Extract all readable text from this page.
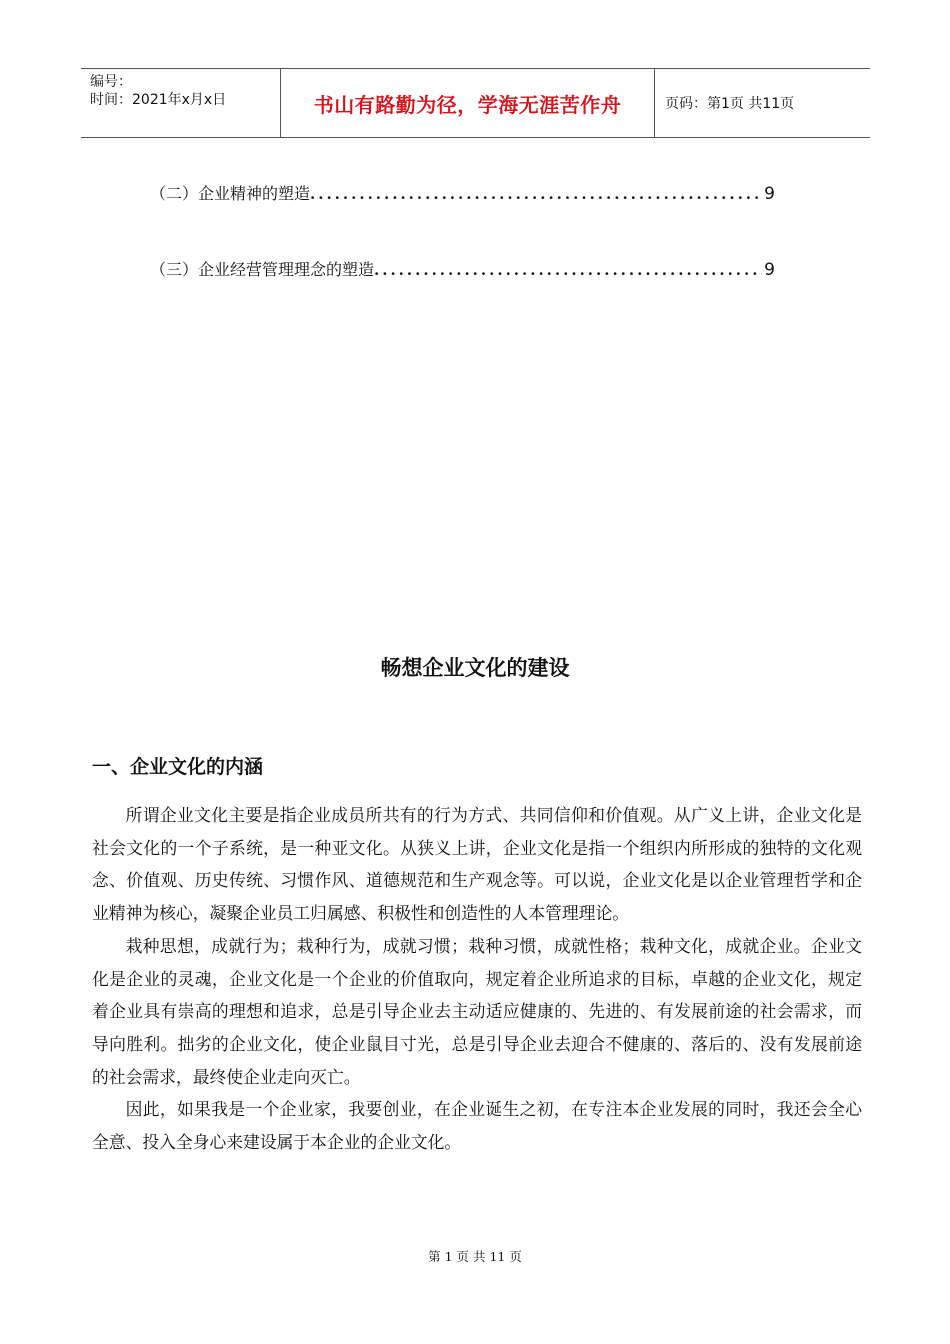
编号：
时间：2021年x月x日	书山有路勤为径，学海无涯苦作舟	页码：第1页 共11页
（二）企业精神的塑造 .....	9
（三）企业经营管理理念的塑造 .....	9
畅想企业文化的建设
一、企业文化的内涵

所谓企业文化主要是指企业成员所共有的行为方式、共同信仰和价值观。从广义上讲，企业文化是社会文化的一个子系统，是一种亚文化。从狭义上讲，企业文化是指一个组织内所形成的独特的文化观念、价值观、历史传统、习惯作风、道德规范和生产观念等。可以说，企业文化是以企业管理哲学和企业精神为核心，凝聚企业员工归属感、积极性和创造性的人本管理理论。

栽种思想，成就行为；栽种行为，成就习惯；栽种习惯，成就性格；栽种文化，成就企业。企业文化是企业的灵魂，企业文化是一个企业的价值取向，规定着企业所追求的目标，卓越的企业文化，规定着企业具有崇高的理想和追求，总是引导企业去主动适应健康的、先进的、有发展前途的社会需求，而导向胜利。拙劣的企业文化，使企业鼠目寸光，总是引导企业去迎合不健康的、落后的、没有发展前途的社会需求，最终使企业走向灭亡。

因此，如果我是一个企业家，我要创业，在企业诞生之初，在专注本企业发展的同时，我还会全心全意、投入全身心来建设属于本企业的企业文化。

第 1 页 共 11 页
